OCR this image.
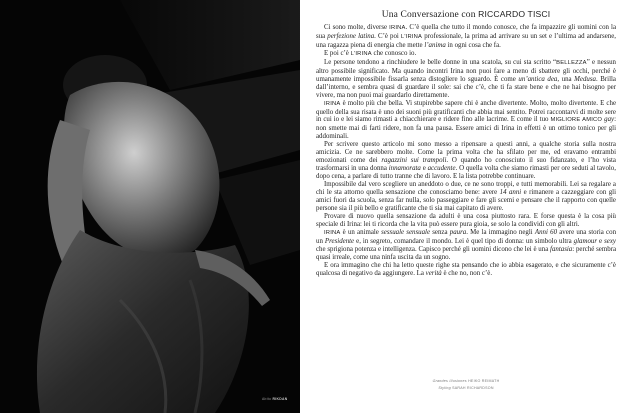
Abito RIKDAN
Una Conversazione con RICCARDO TISCI

Ci sono molte, diverse IRINA. C’è quella che tutto il mondo conosce, che fa impazzire gli uomini con la sua perfezione latina. C’è poi L'IRINA professionale, la prima ad arrivare su un set e l’ultima ad andarsene, una ragazza piena di energia che mette l’anima in ogni cosa che fa.

E poi c’è L'IRINA che conosco io.

Le persone tendono a rinchiudere le belle donne in una scatola, su cui sta scritto “BELLEZZA” e nessun altro possibile significato. Ma quando incontri Irina non puoi fare a meno di sbattere gli occhi, perché è umanamente impossibile fissarla senza distogliere lo sguardo. È come un’antica dea, una Medusa. Brilla dall’interno, e sembra quasi di guardare il sole: sai che c’è, che ti fa stare bene e che ne hai bisogno per vivere, ma non puoi mai guardarlo direttamente.

IRINA è molto più che bella. Vi stupirebbe sapere chi è anche divertente. Molto, molto divertente. E che quello della sua risata è uno dei suoni più gratificanti che abbia mai sentito. Potrei raccontarvi di molte sere in cui io e lei siamo rimasti a chiacchierare e ridere fino alle lacrime. E come il tuo MIGLIORE AMICO gay: non smette mai di farti ridere, non fa una pausa. Essere amici di Irina in effetti è un ottimo tonico per gli addominali.

Per scrivere questo articolo mi sono messo a ripensare a questi anni, a qualche storia sulla nostra amicizia. Ce ne sarebbero molte. Come la prima volta che ha sfilato per me, ed eravamo entrambi emozionati come dei ragazzini sui trampoli. O quando ho conosciuto il suo fidanzato, e l’ho vista trasformarsi in una donna innamorata e accudente. O quella volta che siamo rimasti per ore seduti al tavolo, dopo cena, a parlare di tutto tranne che di lavoro. E la lista potrebbe continuare.

Impossibile dal vero scegliere un aneddoto o due, ce ne sono troppi, e tutti memorabili. Lei sa regalare a chi le sta attorno quella sensazione che conosciamo bene: avere 14 anni e rimanere a cazzeggiare con gli amici fuori da scuola, senza far nulla, solo passeggiare e fare gli scemi e pensare che il rapporto con quelle persone sia il più bello e gratificante che ti sia mai capitato di avere.

Provare di nuovo quella sensazione da adulti è una cosa piuttosto rara. E forse questa è la cosa più speciale di Irina: lei ti ricorda che la vita può essere pura gioia, se solo la condividi con gli altri.

IRINA è un animale sessuale sensuale senza paura. Me la immagino negli Anni 60 avere una storia con un Presidente e, in segreto, comandare il mondo. Lei è quel tipo di donna: un simbolo ultra glamour e sexy che sprigiona potenza e intelligenza. Capisco perché gli uomini dicono che lei è una fantasia: perché sembra quasi irreale, come una ninfa uscita da un sogno.

E ora immagino che chi ha letto queste righe sta pensando che io abbia esagerato, e che sicuramente c’è qualcosa di negativo da aggiungere. La verità è che no, non c’è.

Grandes Illusiones HEIKO REIMATH
Styling SARAH RICHARDSON
